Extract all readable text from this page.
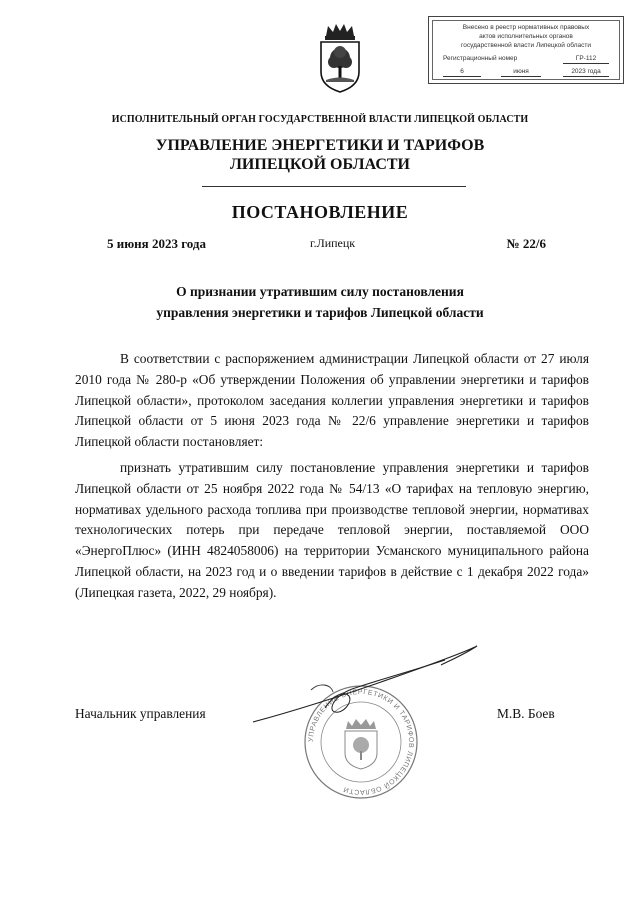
Внесено в реестр нормативных правовых
актов исполнительных органов
государственной власти Липецкой области
Регистрационный номер	ГР-112
6	июня	2023 года
ИСПОЛНИТЕЛЬНЫЙ ОРГАН ГОСУДАРСТВЕННОЙ ВЛАСТИ ЛИПЕЦКОЙ ОБЛАСТИ
УПРАВЛЕНИЕ ЭНЕРГЕТИКИ И ТАРИФОВ
ЛИПЕЦКОЙ ОБЛАСТИ
ПОСТАНОВЛЕНИЕ
5 июня 2023 года	г.Липецк	№ 22/6
О признании утратившим силу постановления
управления энергетики и тарифов Липецкой области

В соответствии с распоряжением администрации Липецкой области от 27 июля 2010 года № 280-р «Об утверждении Положения об управлении энергетики и тарифов Липецкой области», протоколом заседания коллегии управления энергетики и тарифов Липецкой области от 5 июня 2023 года № 22/6 управление энергетики и тарифов Липецкой области постановляет:

признать утратившим силу постановление управления энергетики и тарифов Липецкой области от 25 ноября 2022 года № 54/13 «О тарифах на тепловую энергию, нормативах удельного расхода топлива при производстве тепловой энергии, нормативах технологических потерь при передаче тепловой энергии, поставляемой ООО «ЭнергоПлюс» (ИНН 4824058006) на территории Усманского муниципального района Липецкой области, на 2023 год и о введении тарифов в действие с 1 декабря 2022 года» (Липецкая газета, 2022, 29 ноября).

УПРАВЛЕНИЕ ЭНЕРГЕТИКИ И ТАРИФОВ ЛИПЕЦКОЙ ОБЛАСТИ
Начальник управления	М.В. Боев
